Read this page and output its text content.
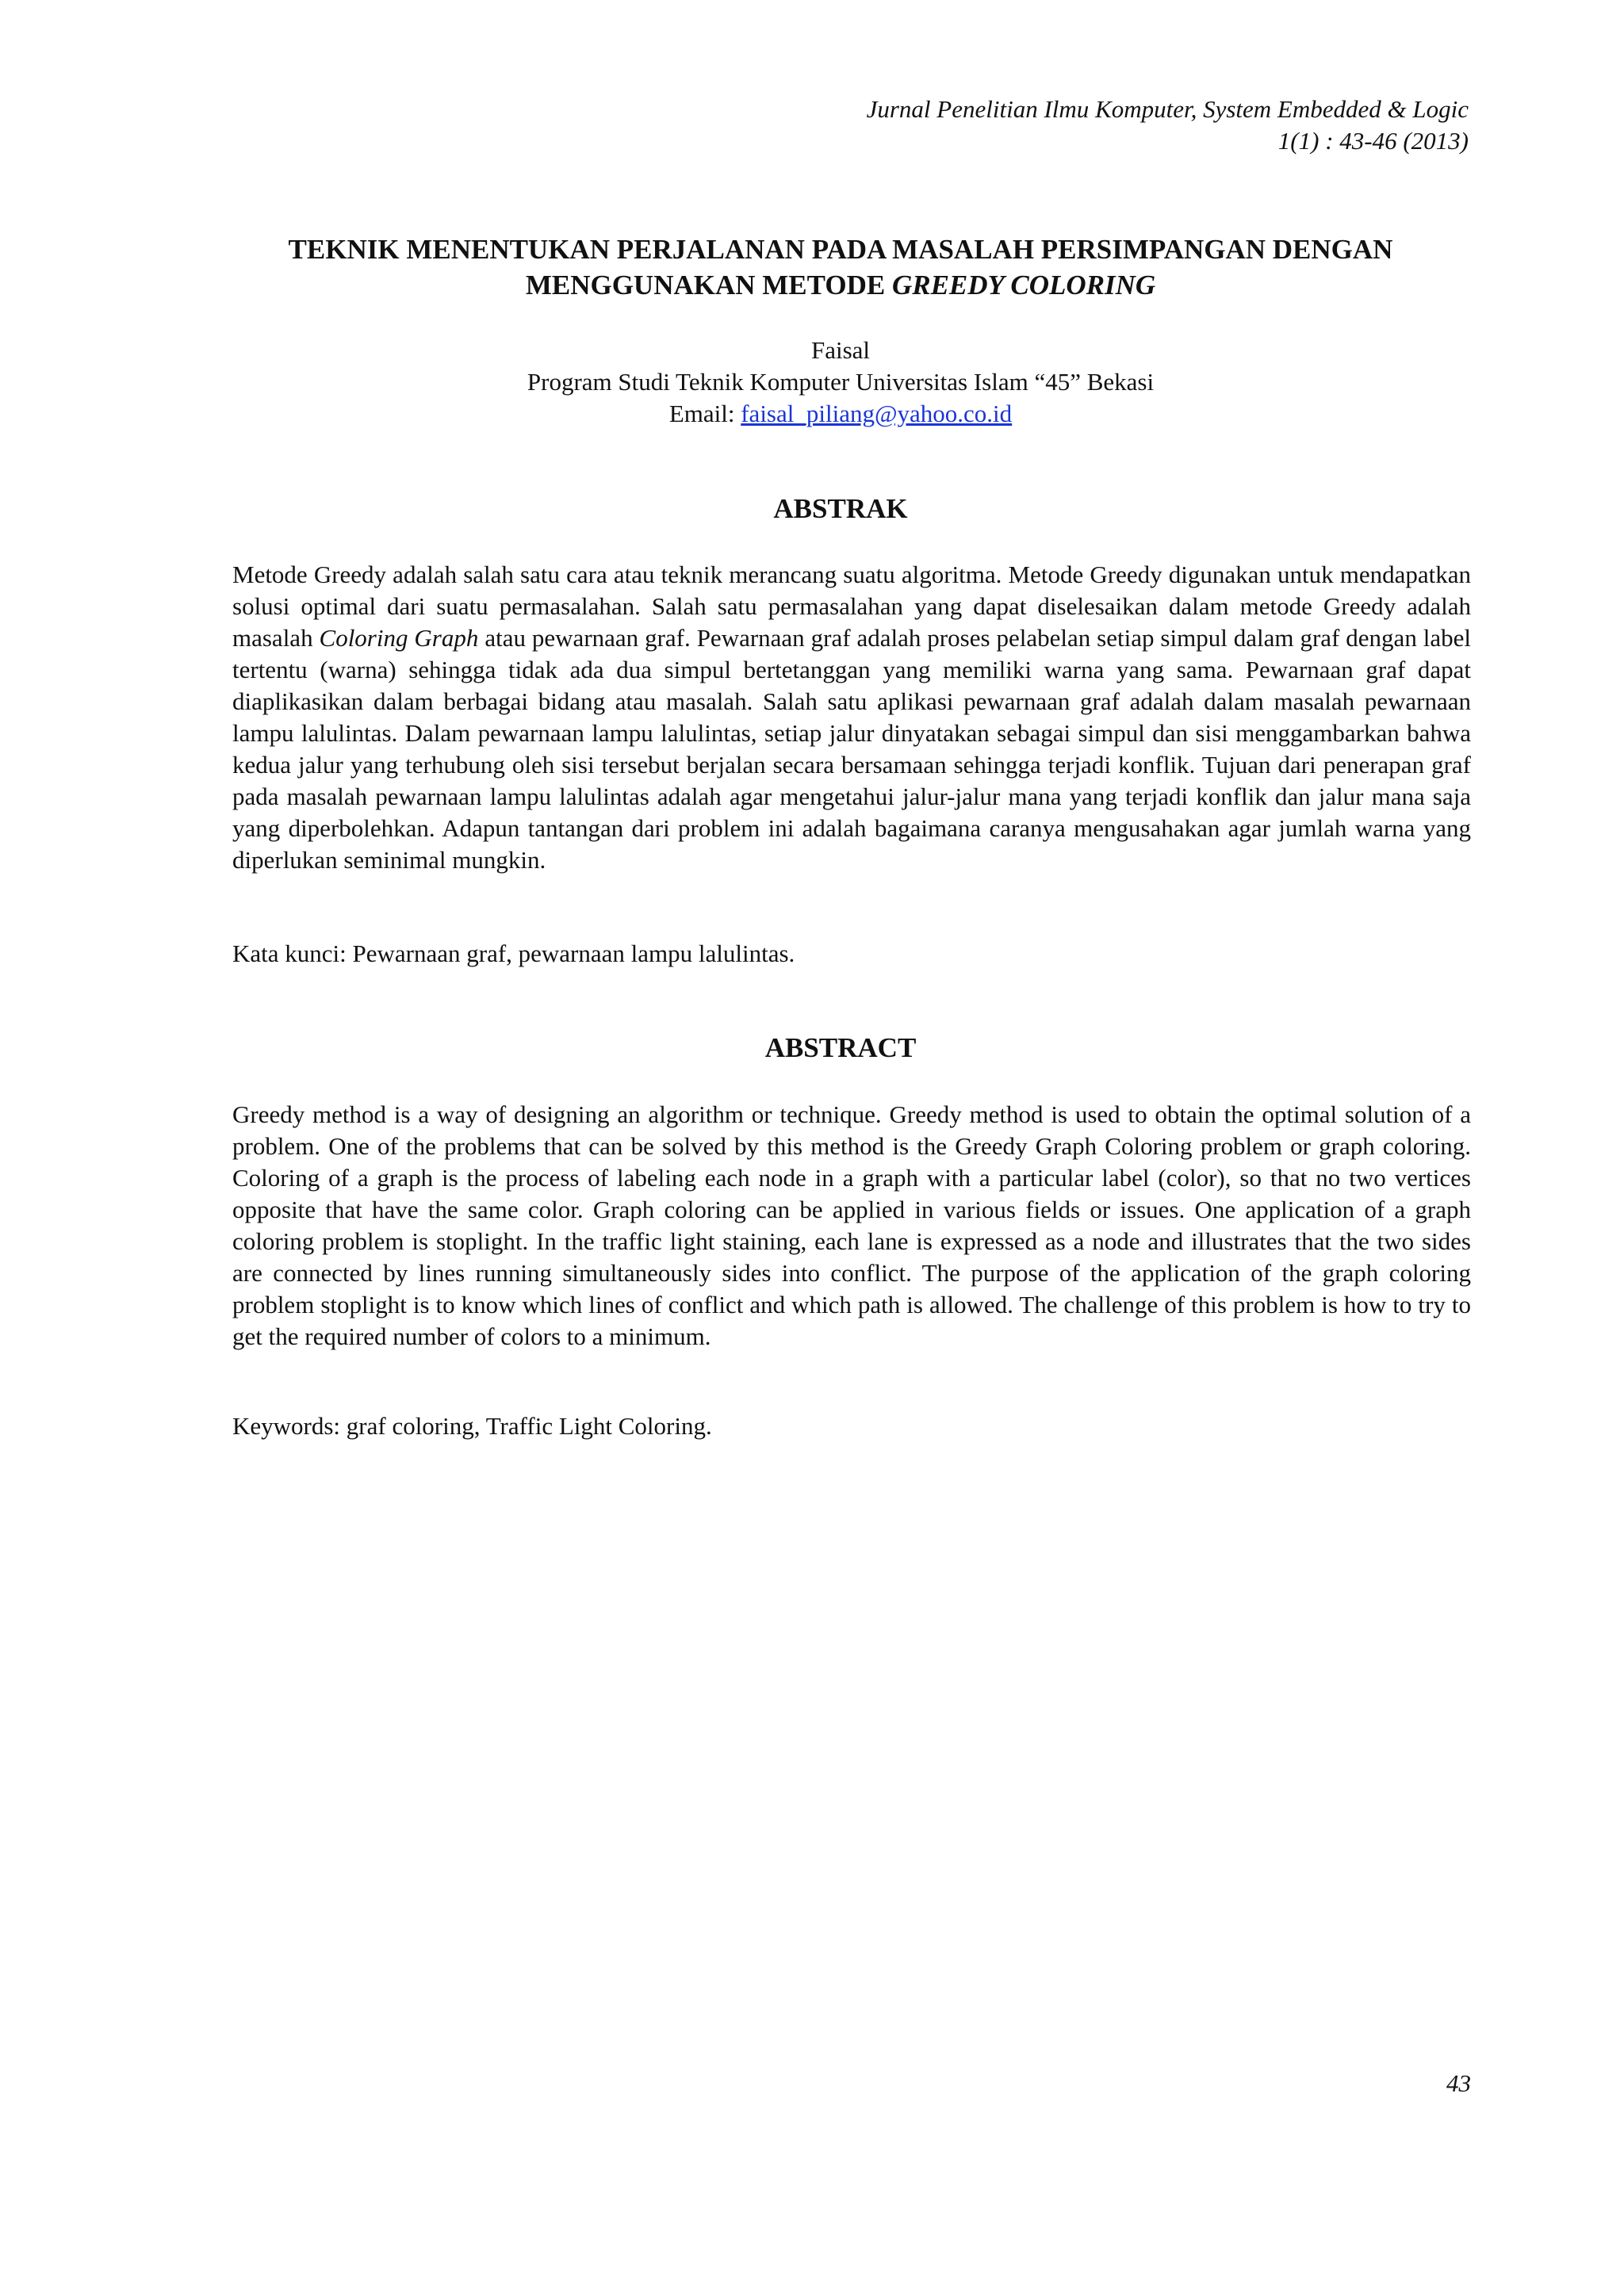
Jurnal Penelitian Ilmu Komputer, System Embedded & Logic
1(1) : 43-46 (2013)
TEKNIK MENENTUKAN PERJALANAN PADA MASALAH PERSIMPANGAN DENGAN
MENGGUNAKAN METODE GREEDY COLORING
Faisal
Program Studi Teknik Komputer Universitas Islam “45” Bekasi
Email: faisal_piliang@yahoo.co.id
ABSTRAK
Metode Greedy adalah salah satu cara atau teknik merancang suatu algoritma. Metode Greedy digunakan untuk mendapatkan solusi optimal dari suatu permasalahan. Salah satu permasalahan yang dapat diselesaikan dalam metode Greedy adalah masalah Coloring Graph atau pewarnaan graf. Pewarnaan graf adalah proses pelabelan setiap simpul dalam graf dengan label tertentu (warna) sehingga tidak ada dua simpul bertetanggan yang memiliki warna yang sama. Pewarnaan graf dapat diaplikasikan dalam berbagai bidang atau masalah. Salah satu aplikasi pewarnaan graf adalah dalam masalah pewarnaan lampu lalulintas. Dalam pewarnaan lampu lalulintas, setiap jalur dinyatakan sebagai simpul dan sisi menggambarkan bahwa kedua jalur yang terhubung oleh sisi tersebut berjalan secara bersamaan sehingga terjadi konflik. Tujuan dari penerapan graf pada masalah pewarnaan lampu lalulintas adalah agar mengetahui jalur-jalur mana yang terjadi konflik dan jalur mana saja yang diperbolehkan. Adapun tantangan dari problem ini adalah bagaimana caranya mengusahakan agar jumlah warna yang diperlukan seminimal mungkin.
Kata kunci: Pewarnaan graf, pewarnaan lampu lalulintas.
ABSTRACT
Greedy method is a way of designing an algorithm or technique. Greedy method is used to obtain the optimal solution of a problem. One of the problems that can be solved by this method is the Greedy Graph Coloring problem or graph coloring. Coloring of a graph is the process of labeling each node in a graph with a particular label (color), so that no two vertices opposite that have the same color. Graph coloring can be applied in various fields or issues. One application of a graph coloring problem is stoplight. In the traffic light staining, each lane is expressed as a node and illustrates that the two sides are connected by lines running simultaneously sides into conflict. The purpose of the application of the graph coloring problem stoplight is to know which lines of conflict and which path is allowed. The challenge of this problem is how to try to get the required number of colors to a minimum.
Keywords: graf coloring, Traffic Light Coloring.
43
